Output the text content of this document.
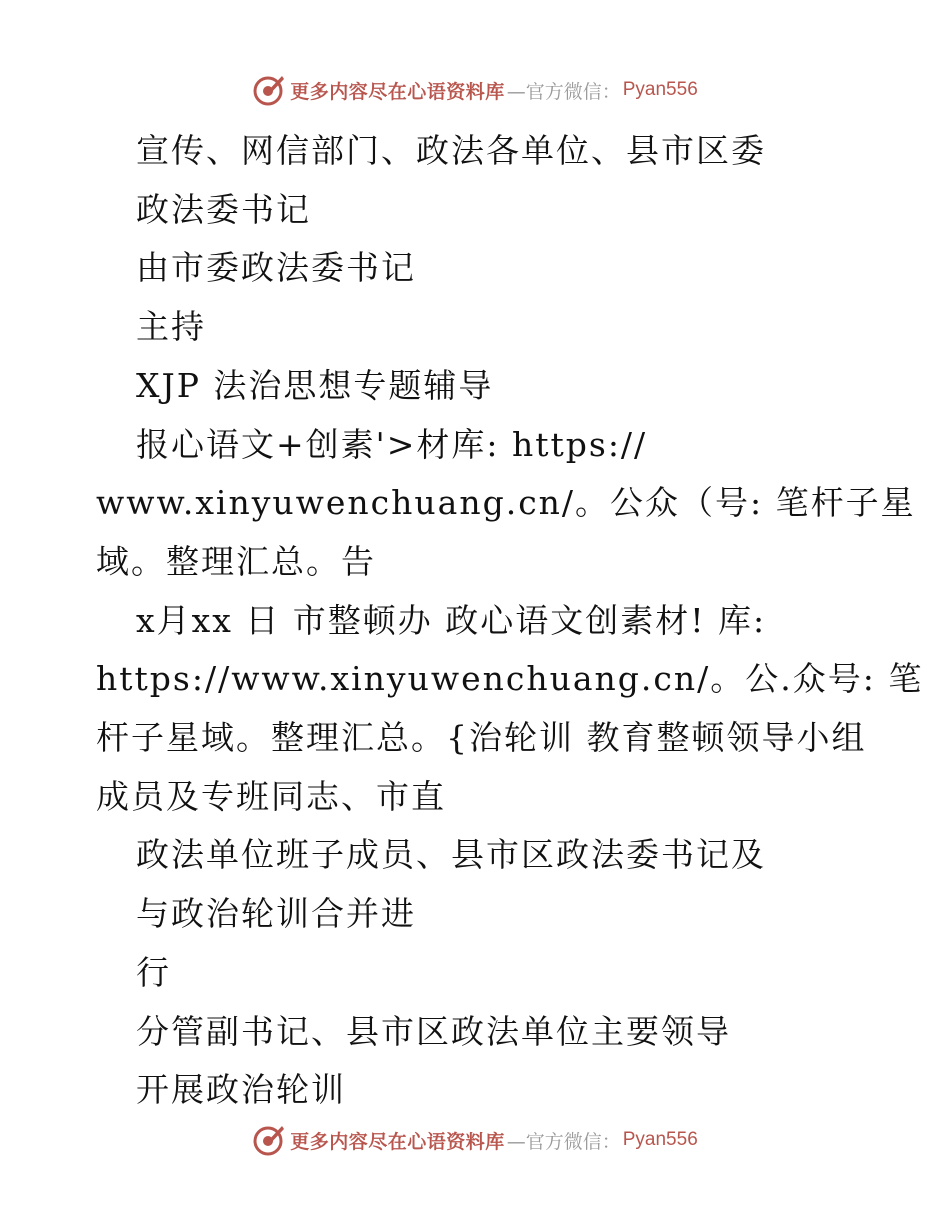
更多内容尽在心语资料库 —官方微信： Pyan556
宣传、网信部门、政法各单位、县市区委
政法委书记
由市委政法委书记
主持
XJP 法治思想专题辅导
报心语文+创素'>材库: https://
www.xinyuwenchuang.cn/。公众（号: 笔杆子星
域。整理汇总。告
x月xx 日 市整顿办 政心语文创素材! 库:
https://www.xinyuwenchuang.cn/。公.众号: 笔
杆子星域。整理汇总。{治轮训 教育整顿领导小组
成员及专班同志、市直
政法单位班子成员、县市区政法委书记及
与政治轮训合并进
行
分管副书记、县市区政法单位主要领导
开展政治轮训
更多内容尽在心语资料库 —官方微信： Pyan556
